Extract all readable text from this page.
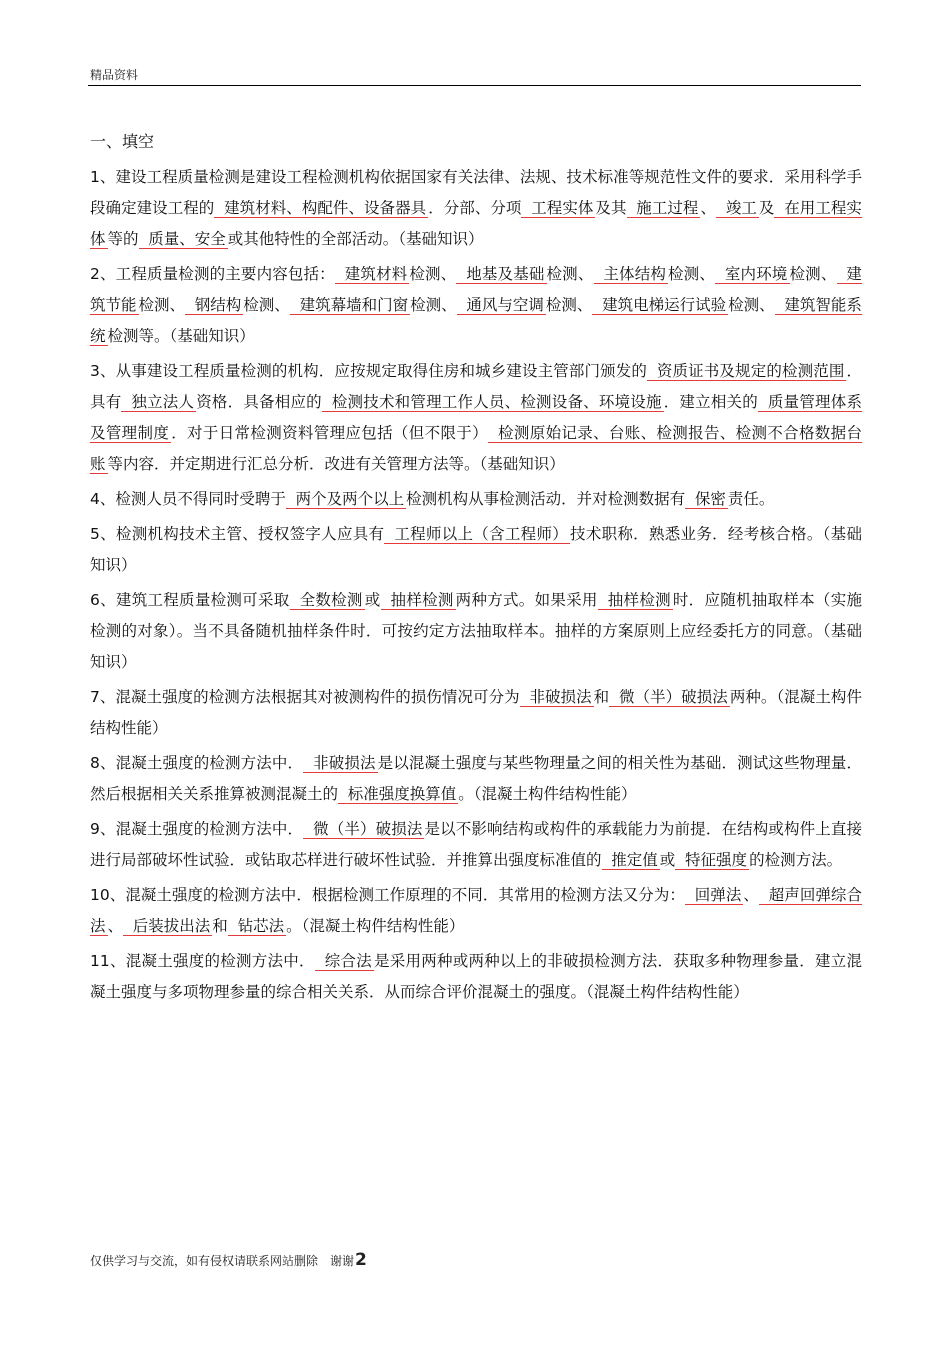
精品资料
一、填空
1、建设工程质量检测是建设工程检测机构依据国家有关法律、法规、技术标准等规范性文件的要求．采用科学手段确定建设工程的 建筑材料、构配件、设备器具 ．分部、分项 工程实体 及其 施工过程 、 竣工 及 在用工程实体 等的 质量、安全 或其他特性的全部活动。（基础知识）
2、工程质量检测的主要内容包括： 建筑材料 检测、 地基及基础 检测、 主体结构 检测、 室内环境 检测、 建筑节能 检测、 钢结构 检测、 建筑幕墙和门窗 检测、 通风与空调 检测、 建筑电梯运行试验 检测、 建筑智能系统 检测等。（基础知识）
3、从事建设工程质量检测的机构．应按规定取得住房和城乡建设主管部门颁发的 资质证书及规定的检测范围 ．具有 独立法人 资格．具备相应的 检测技术和管理工作人员、检测设备、环境设施 ．建立相关的 质量管理体系及管理制度 ．对于日常检测资料管理应包括（但不限于） 检测原始记录、台账、检测报告、检测不合格数据台账 等内容．并定期进行汇总分析．改进有关管理方法等。（基础知识）
4、检测人员不得同时受聘于 两个及两个以上 检测机构从事检测活动．并对检测数据有 保密 责任。
5、检测机构技术主管、授权签字人应具有 工程师以上（含工程师） 技术职称．熟悉业务．经考核合格。（基础知识）
6、建筑工程质量检测可采取 全数检测 或 抽样检测 两种方式。如果采用 抽样检测 时．应随机抽取样本（实施检测的对象）。当不具备随机抽样条件时．可按约定方法抽取样本。抽样的方案原则上应经委托方的同意。（基础知识）
7、混凝土强度的检测方法根据其对被测构件的损伤情况可分为 非破损法 和 微（半）破损法 两种。（混凝土构件结构性能）
8、混凝土强度的检测方法中． 非破损法 是以混凝土强度与某些物理量之间的相关性为基础．测试这些物理量．然后根据相关关系推算被测混凝土的 标准强度换算值 。（混凝土构件结构性能）
9、混凝土强度的检测方法中． 微（半）破损法 是以不影响结构或构件的承载能力为前提．在结构或构件上直接进行局部破坏性试验．或钻取芯样进行破坏性试验．并推算出强度标准值的 推定值 或 特征强度 的检测方法。
10、混凝土强度的检测方法中．根据检测工作原理的不同．其常用的检测方法又分为： 回弹法 、 超声回弹综合法 、 后装拔出法 和 钻芯法 。（混凝土构件结构性能）
11、混凝土强度的检测方法中． 综合法 是采用两种或两种以上的非破损检测方法．获取多种物理参量．建立混凝土强度与多项物理参量的综合相关关系．从而综合评价混凝土的强度。（混凝土构件结构性能）
仅供学习与交流，如有侵权请联系网站删除　谢谢2
